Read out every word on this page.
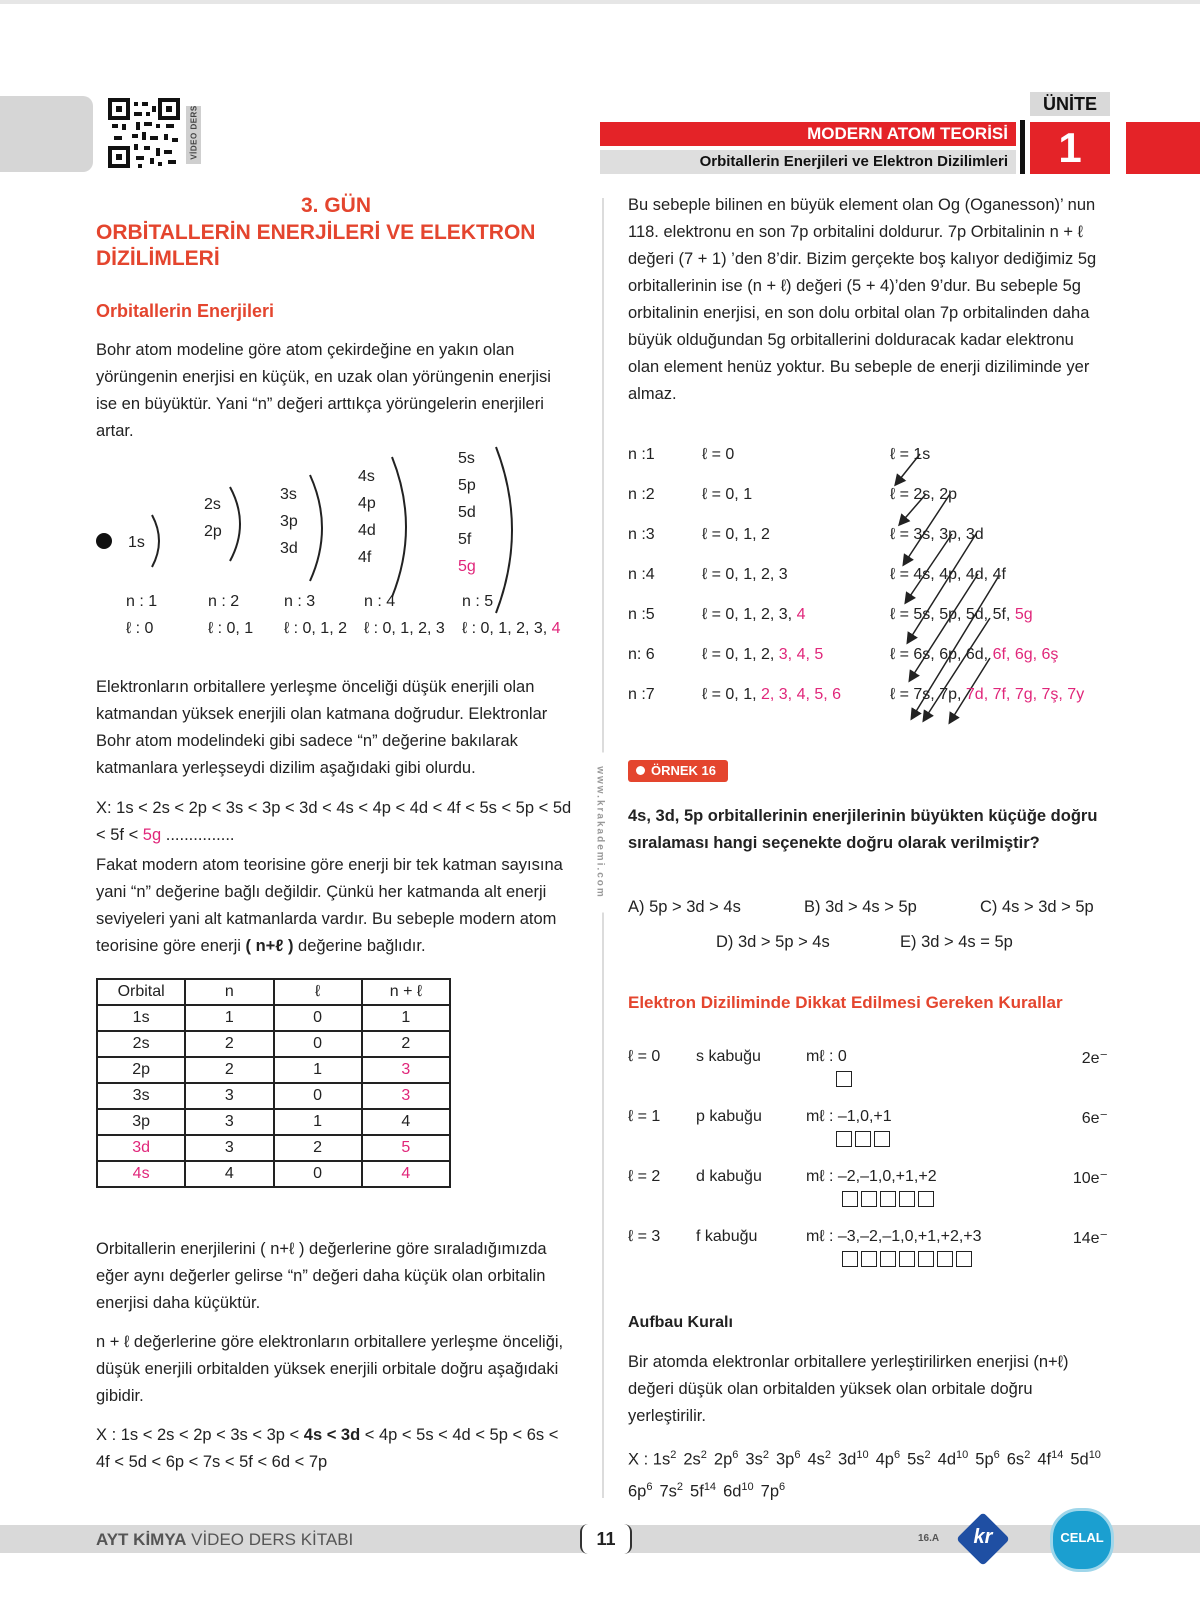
VİDEO DERS
ÜNİTE
1
MODERN ATOM TEORİSİ
Orbitallerin Enerjileri ve Elektron Dizilimleri
3. GÜN
ORBİTALLERİN ENERJİLERİ VE ELEKTRON
DİZİLİMLERİ
Orbitallerin Enerjileri
Bohr atom modeline göre atom çekirdeğine en yakın olan yörüngenin enerjisi en küçük, en uzak olan yörüngenin enerjisi ise en büyüktür. Yani “n” değeri arttıkça yörüngelerin enerjileri artar.
1s
2s
2p
3s
3p
3d
4s
4p
4d
4f
5s
5p
5d
5f
5g
n : 1	n : 2	n : 3	n : 4	n : 5
ℓ : 0	ℓ : 0, 1 ℓ : 0, 1, 2 ℓ : 0, 1, 2, 3 ℓ : 0, 1, 2, 3, 4
Elektronların orbitallere yerleşme önceliği düşük enerjili olan katmandan yüksek enerjili olan katmana doğrudur. Elektronlar Bohr atom modelindeki gibi sadece “n” değerine bakılarak katmanlara yerleşseydi dizilim aşağıdaki gibi olurdu.
X: 1s < 2s < 2p < 3s < 3p < 3d < 4s < 4p < 4d < 4f < 5s < 5p < 5d < 5f < 5g ...............
Fakat modern atom teorisine göre enerji bir tek katman sayısına yani “n” değerine bağlı değildir. Çünkü her katmanda alt enerji seviyeleri yani alt katmanlarda vardır. Bu sebeple modern atom teorisine göre enerji ( n+ℓ ) değerine bağlıdır.
Orbital	n	ℓ	n + ℓ
1s	1	0	1
2s	2	0	2
2p	2	1	3
3s	3	0	3
3p	3	1	4
3d	3	2	5
4s	4	0	4
Orbitallerin enerjilerini ( n+ℓ ) değerlerine göre sıraladığımızda eğer aynı değerler gelirse “n” değeri daha küçük olan orbitalin enerjisi daha küçüktür.
n + ℓ değerlerine göre elektronların orbitallere yerleşme önceliği, düşük enerjili orbitalden yüksek enerjili orbitale doğru aşağıdaki gibidir.
X : 1s < 2s < 2p < 3s < 3p < 4s < 3d < 4p < 5s < 4d < 5p < 6s < 4f < 5d < 6p < 7s < 5f < 6d < 7p
www.krakademi.com
Bu sebeple bilinen en büyük element olan Og (Oganesson)’ nun 118. elektronu en son 7p orbitalini doldurur. 7p Orbitalinin n + ℓ değeri (7 + 1) ’den 8’dir. Bizim gerçekte boş kalıyor dediğimiz 5g orbitallerinin ise (n + ℓ) değeri (5 + 4)’den 9’dur. Bu sebeple 5g orbitalinin enerjisi, en son dolu orbital olan 7p orbitalinden daha büyük olduğundan 5g orbitallerini dolduracak kadar elektronu olan element henüz yoktur. Bu sebeple de enerji diziliminde yer almaz.
n :1	ℓ = 0	ℓ = 1s
n :2	ℓ = 0, 1	ℓ = 2s, 2p
n :3	ℓ = 0, 1, 2	ℓ = 3s, 3p, 3d
n :4	ℓ = 0, 1, 2, 3	ℓ = 4s, 4p, 4d, 4f
n :5	ℓ = 0, 1, 2, 3, 4	ℓ = 5s, 5p, 5d, 5f, 5g
n: 6	ℓ = 0, 1, 2, 3, 4, 5	ℓ = 6s, 6p, 6d, 6f, 6g, 6ş
n :7	ℓ = 0, 1, 2, 3, 4, 5, 6	ℓ = 7s, 7p, 7d, 7f, 7g, 7ş, 7y
ÖRNEK 16
4s, 3d, 5p orbitallerinin enerjilerinin büyükten küçüğe doğru sıralaması hangi seçenekte doğru olarak verilmiştir?
A) 5p > 3d > 4s	B) 3d > 4s > 5p	C) 4s > 3d > 5p
D) 3d > 5p > 4s	E) 3d > 4s = 5p
Elektron Diziliminde Dikkat Edilmesi Gereken Kurallar
ℓ = 0 s kabuğu	mℓ : 0	2e⁻
ℓ = 1 p kabuğu	mℓ : –1,0,+1	6e⁻
ℓ = 2 d kabuğu	mℓ : –2,–1,0,+1,+2	10e⁻
ℓ = 3 f kabuğu	mℓ : –3,–2,–1,0,+1,+2,+3	14e⁻
Aufbau Kuralı
Bir atomda elektronlar orbitallere yerleştirilirken enerjisi (n+ℓ) değeri düşük olan orbitalden yüksek olan orbitale doğru yerleştirilir.
X : $1s^2$ $2s^2$ $2p^6$ $3s^2$ $3p^6$ $4s^2$ $3d^{10}$ $4p^6$ $5s^2$ $4d^{10}$ $5p^6$ $6s^2$ $4f^{14}$ $5d^{10}6p^6$ $7s^2$ $5f^{14}$ $6d^{10}$ $7p^6$
AYT KİMYA VİDEO DERS KİTABI	11	16.A	kr	CELAL
